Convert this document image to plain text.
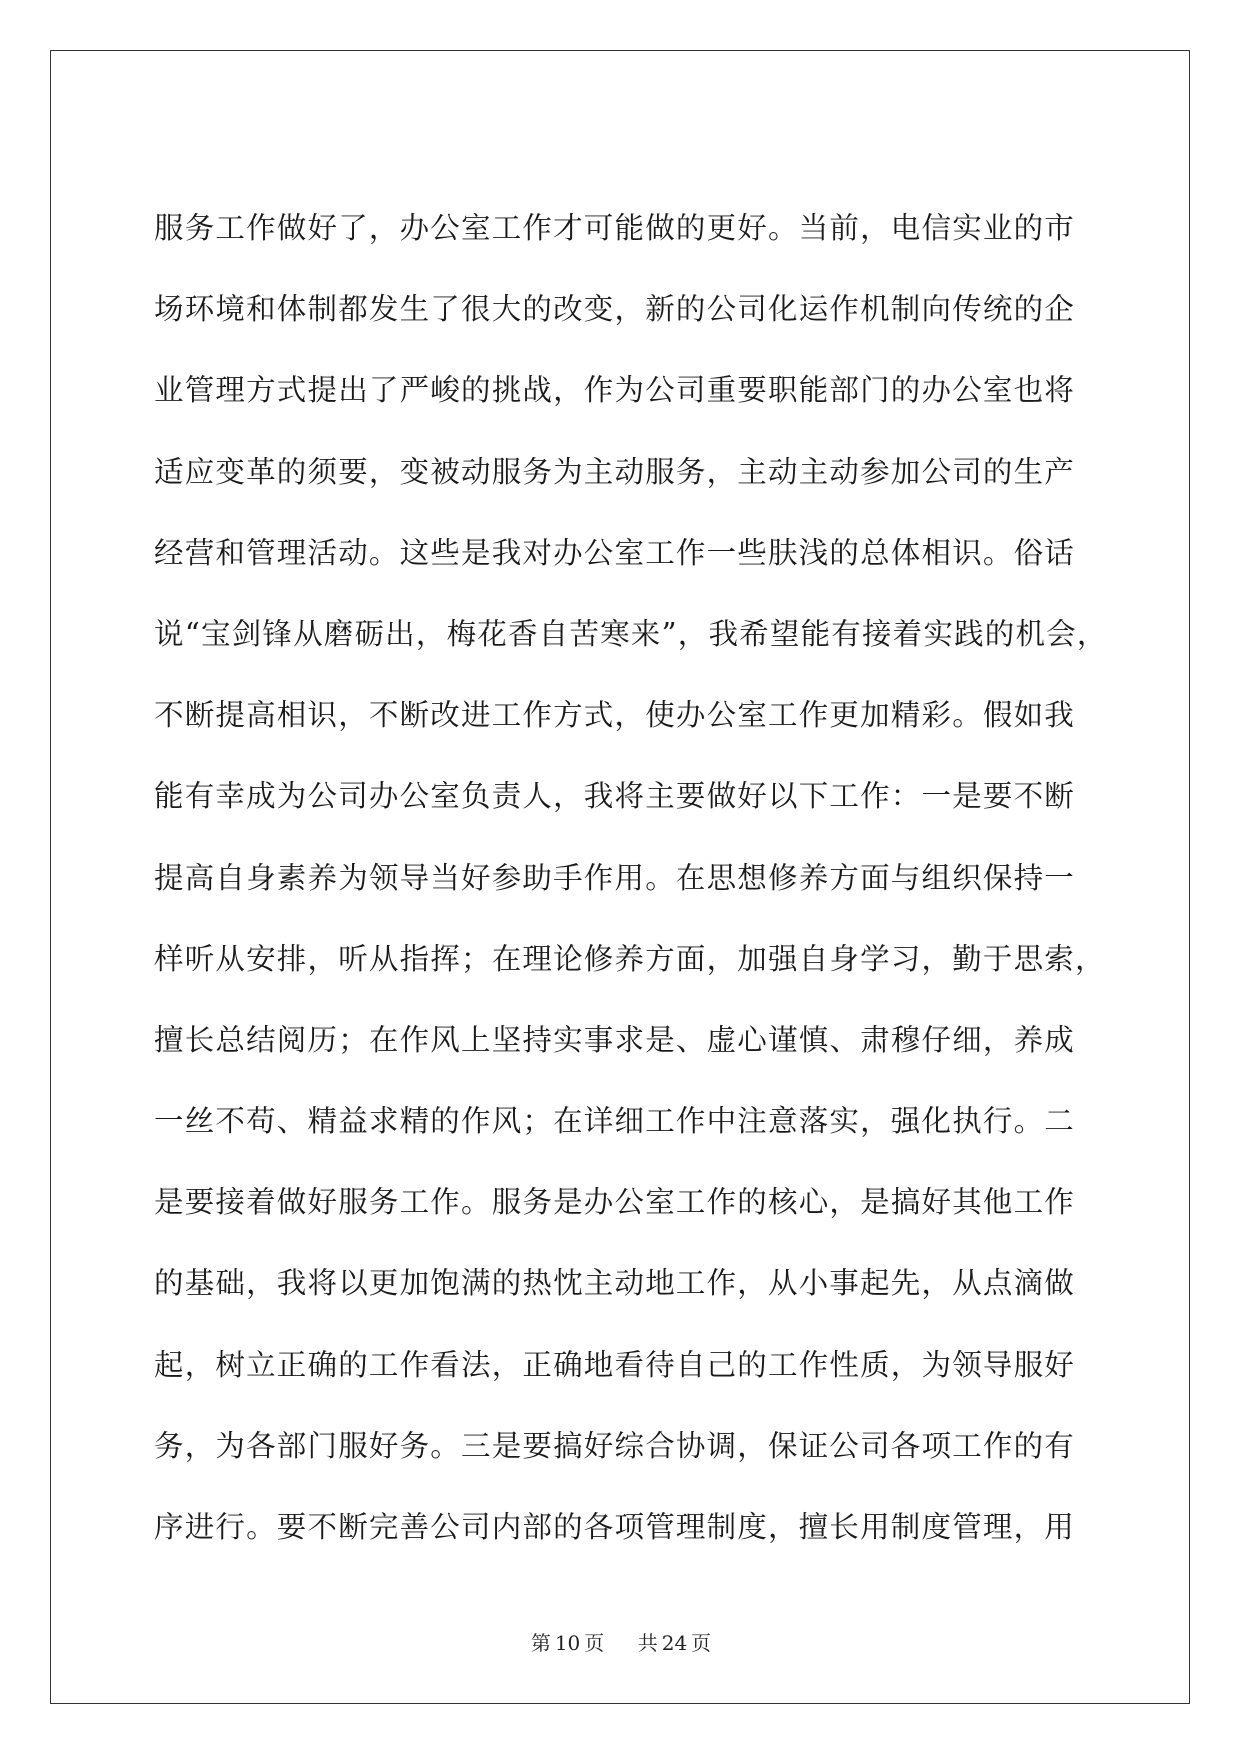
服务工作做好了，办公室工作才可能做的更好。当前，电信实业的市
场环境和体制都发生了很大的改变，新的公司化运作机制向传统的企
业管理方式提出了严峻的挑战，作为公司重要职能部门的办公室也将
适应变革的须要，变被动服务为主动服务，主动主动参加公司的生产
经营和管理活动。这些是我对办公室工作一些肤浅的总体相识。俗话
说“宝剑锋从磨砺出，梅花香自苦寒来”，我希望能有接着实践的机会，
不断提高相识，不断改进工作方式，使办公室工作更加精彩。假如我
能有幸成为公司办公室负责人，我将主要做好以下工作：一是要不断
提高自身素养为领导当好参助手作用。在思想修养方面与组织保持一
样听从安排，听从指挥；在理论修养方面，加强自身学习，勤于思索，
擅长总结阅历；在作风上坚持实事求是、虚心谨慎、肃穆仔细，养成
一丝不苟、精益求精的作风；在详细工作中注意落实，强化执行。二
是要接着做好服务工作。服务是办公室工作的核心，是搞好其他工作
的基础，我将以更加饱满的热忱主动地工作，从小事起先，从点滴做
起，树立正确的工作看法，正确地看待自己的工作性质，为领导服好
务，为各部门服好务。三是要搞好综合协调，保证公司各项工作的有
序进行。要不断完善公司内部的各项管理制度，擅长用制度管理，用
第 10 页 共 24 页
